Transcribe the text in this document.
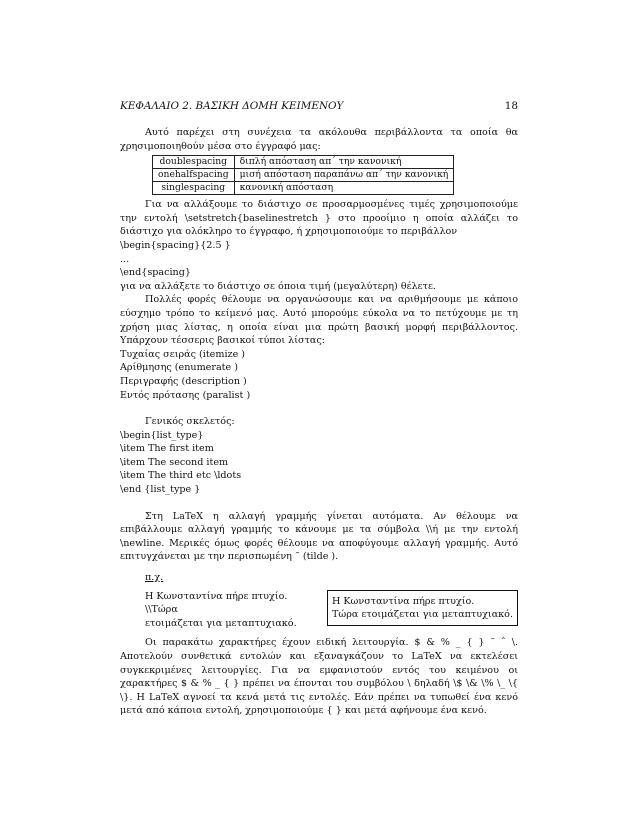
ΚΕΦΑΛΑΙΟ 2. ΒΑΣΙΚΗ ΔΟΜΗ ΚΕΙΜΕΝΟΥ	18

Αυτό παρέχει στη συνέχεια τα ακόλουθα περιβάλλοντα τα οποία θα χρησιμοποιηθούν μέσα στο έγγραφό μας:

doublespacing	διπλή απόσταση απ΄ την κανονική
onehalfspacing	μισή απόσταση παραπάνω απ΄ την κανονική
singlespacing	κανονική απόσταση

Για να αλλάξουμε το διάστιχο σε προσαρμοσμένες τιμές χρησιμοποιούμε την εντολή \setstretch{baselinestretch } στο προοίμιο η οποία αλλάζει το διάστιχο για ολόκληρο το έγγραφο, ή χρησιμοποιούμε το περιβάλλον

\begin{spacing}{2.5 }

...

\end{spacing}

για να αλλάξετε το διάστιχο σε όποια τιμή (μεγαλύτερη) θέλετε.

Πολλές φορές θέλουμε να οργανώσουμε και να αριθμήσουμε με κάποιο εύσχημο τρόπο το κείμενό μας. Αυτό μπορούμε εύκολα να το πετύχουμε με τη χρήση μιας λίστας, η οποία είναι μια πρώτη βασική μορφή περιβάλλοντος. Υπάρχουν τέσσερις βασικοί τύποι λίστας:

Τυχαίας σειράς (itemize )

Αρίθμησης (enumerate )

Περιγραφής (description )

Εντός πρότασης (paralist )

Γενικός σκελετός:

\begin{list_type}

\item The first item

\item The second item

\item The third etc \ldots

\end {list_type }

Στη LaTeX η αλλαγή γραμμής γίνεται αυτόματα. Αν θέλουμε να επιβάλλουμε αλλαγή γραμμής το κάνουμε με τα σύμβολα \\ή με την εντολή \newline. Μερικές όμως φορές θέλουμε να αποφύγουμε αλλαγή γραμμής. Αυτό επιτυγχάνεται με την περισπωμένη ˜ (tilde ).

π.χ.

Η Κωνσταντίνα πήρε πτυχίο. \\Τώρα

ετοιμάζεται για μεταπτυχιακό.

Η Κωνσταντίνα πήρε πτυχίο.

Τώρα ετοιμάζεται για μεταπτυχιακό.

Οι παρακάτω χαρακτήρες έχουν ειδική λειτουργία. $ & % _ { } ˜ ˆ \. Αποτελούν συνθετικά εντολών και εξαναγκάζουν το LaTeX να εκτελέσει συγκεκριμένες λειτουργίες. Για να εμφανιστούν εντός του κειμένου οι χαρακτήρες $ & % _ { } πρέπει να έπονται του συμβόλου \ δηλαδή \$ \& \% \_ \{ \}. Η LaTeX αγνοεί τα κενά μετά τις εντολές. Εάν πρέπει να τυπωθεί ένα κενό μετά από κάποια εντολή, χρησιμοποιούμε { } και μετά αφήνουμε ένα κενό.
